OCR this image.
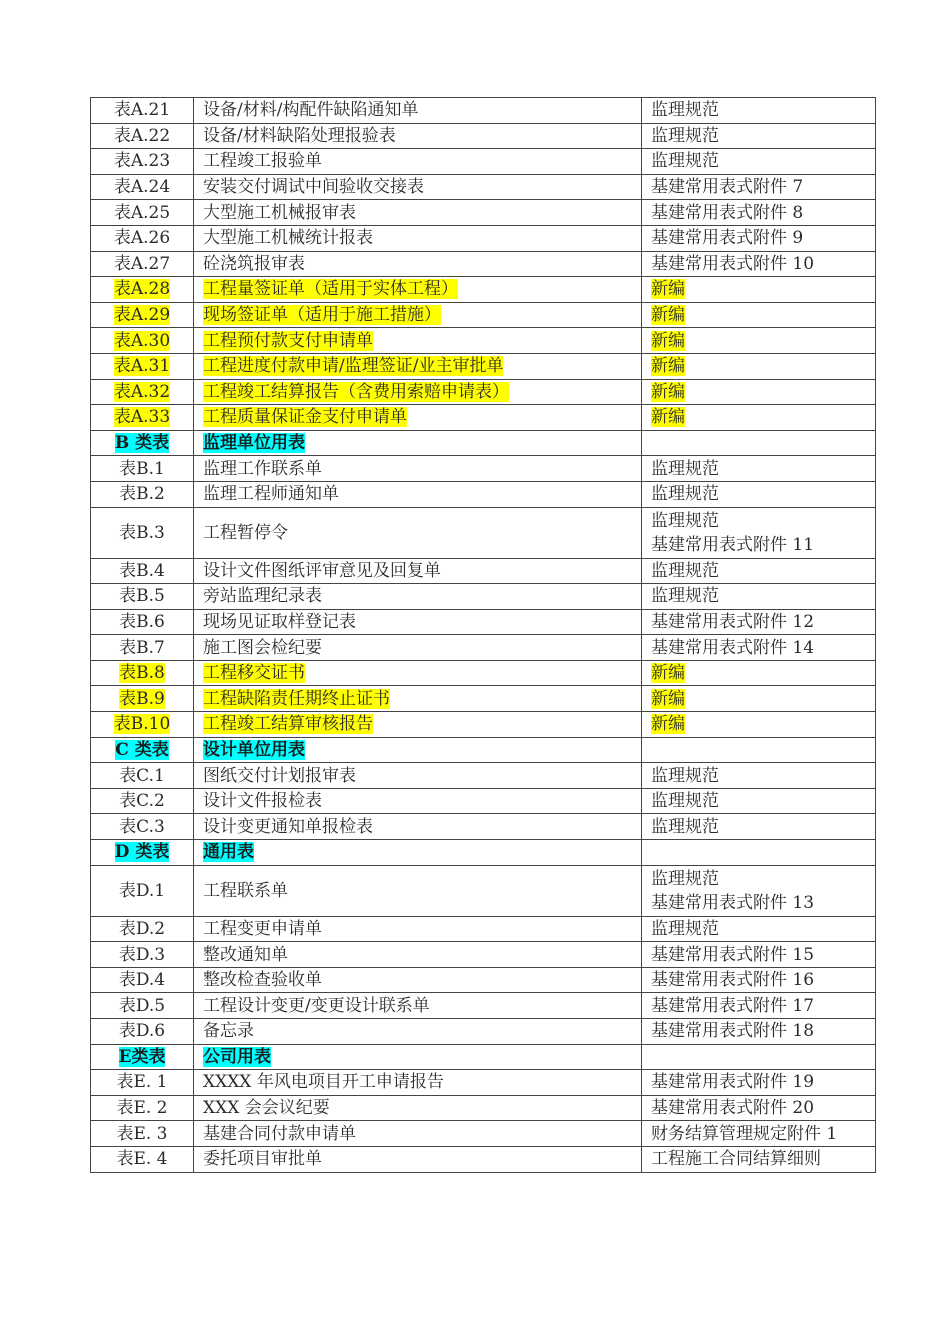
表A.21	设备/材料/构配件缺陷通知单	监理规范

表A.22	设备/材料缺陷处理报验表	监理规范

表A.23	工程竣工报验单	监理规范

表A.24	安装交付调试中间验收交接表	基建常用表式附件 7

表A.25	大型施工机械报审表	基建常用表式附件 8

表A.26	大型施工机械统计报表	基建常用表式附件 9

表A.27	砼浇筑报审表	基建常用表式附件 10

表A.28	工程量签证单（适用于实体工程）	新编

表A.29	现场签证单（适用于施工措施）	新编

表A.30	工程预付款支付申请单	新编

表A.31	工程进度付款申请/监理签证/业主审批单	新编

表A.32	工程竣工结算报告（含费用索赔申请表）	新编

表A.33	工程质量保证金支付申请单	新编

B 类表	监理单位用表	
表B.1	监理工作联系单	监理规范

表B.2	监理工程师通知单	监理规范

表B.3	工程暂停令	监理规范
基建常用表式附件 11

表B.4	设计文件图纸评审意见及回复单	监理规范

表B.5	旁站监理纪录表	监理规范

表B.6	现场见证取样登记表	基建常用表式附件 12

表B.7	施工图会检纪要	基建常用表式附件 14

表B.8	工程移交证书	新编

表B.9	工程缺陷责任期终止证书	新编

表B.10	工程竣工结算审核报告	新编

C 类表	设计单位用表	
表C.1	图纸交付计划报审表	监理规范

表C.2	设计文件报检表	监理规范

表C.3	设计变更通知单报检表	监理规范

D 类表	通用表	
表D.1	工程联系单	监理规范
基建常用表式附件 13

表D.2	工程变更申请单	监理规范

表D.3	整改通知单	基建常用表式附件 15

表D.4	整改检查验收单	基建常用表式附件 16

表D.5	工程设计变更/变更设计联系单	基建常用表式附件 17

表D.6	备忘录	基建常用表式附件 18

E类表	公司用表	
表E. 1	XXXX 年风电项目开工申请报告	基建常用表式附件 19

表E. 2	XXX 会会议纪要	基建常用表式附件 20

表E. 3	基建合同付款申请单	财务结算管理规定附件 1

表E. 4	委托项目审批单	工程施工合同结算细则
